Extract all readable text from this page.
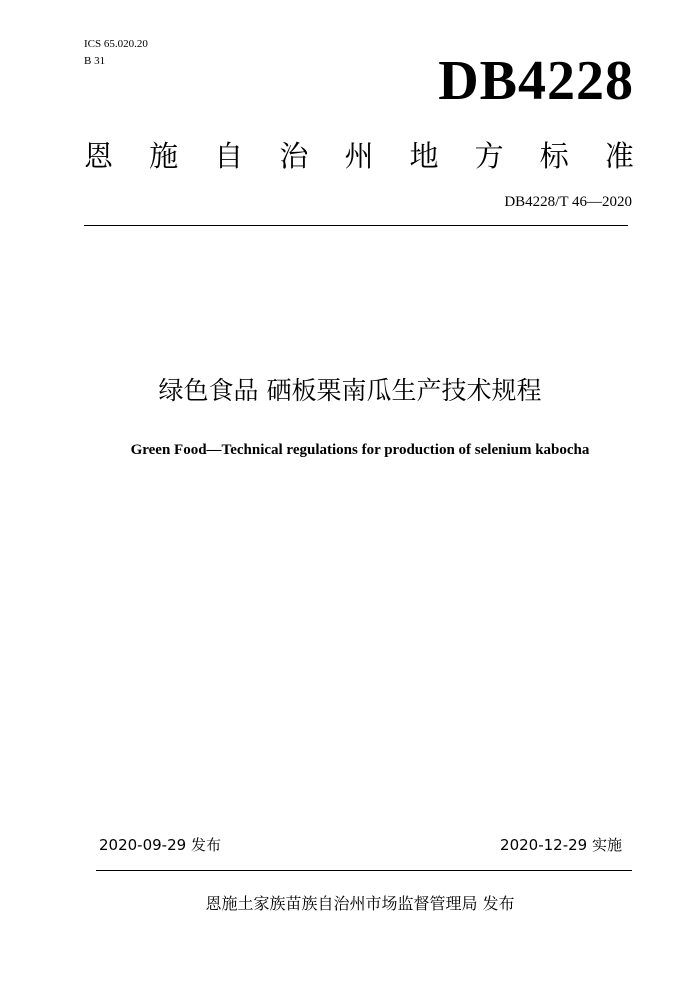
ICS 65.020.20
B 31	DB4228
恩 施 自 治 州 地 方 标 准
DB4228/T 46—2020
绿色食品 硒板栗南瓜生产技术规程
Green Food—Technical regulations for production of selenium kabocha
2020-09-29 发布	2020-12-29 实施
恩施土家族苗族自治州市场监督管理局 发布
